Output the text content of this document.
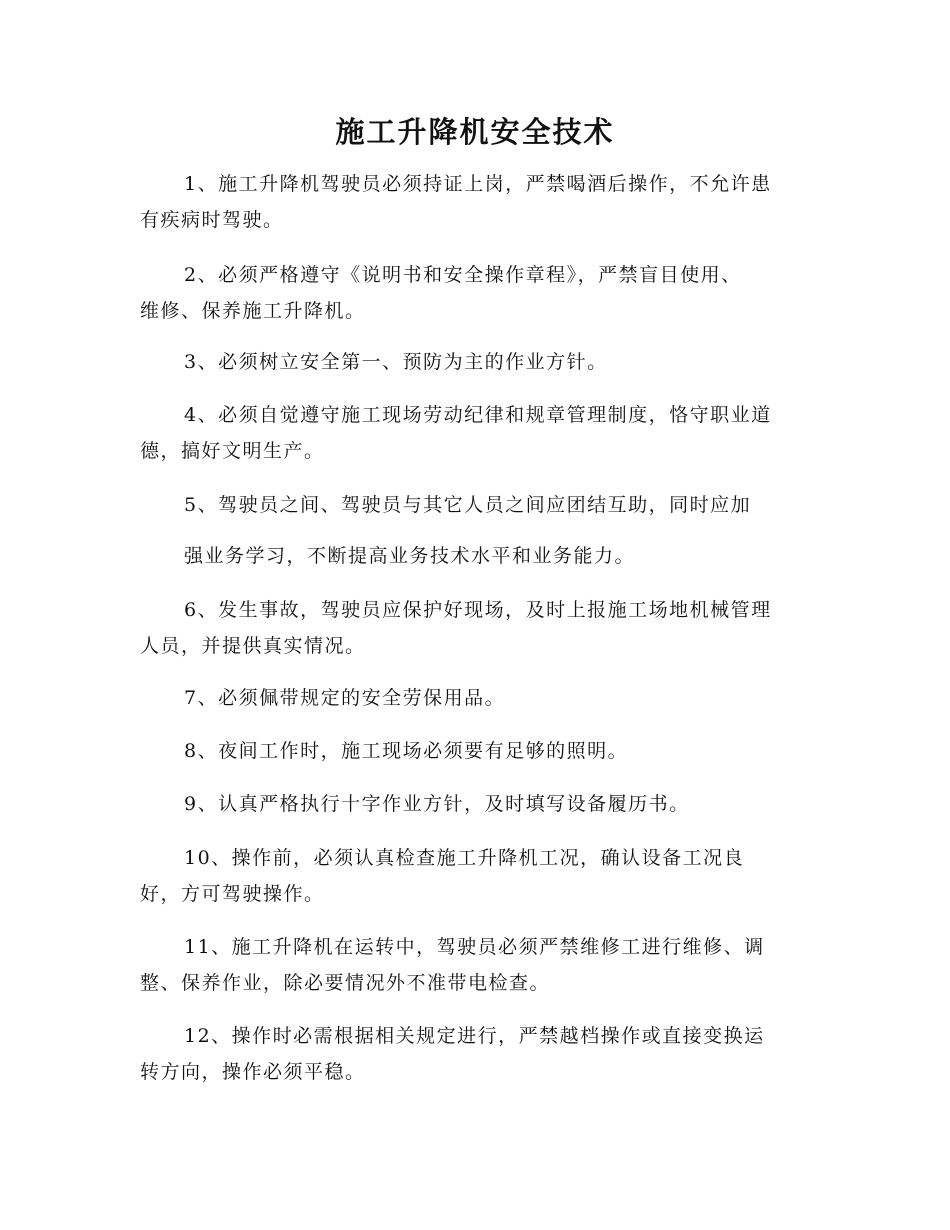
施工升降机安全技术

1、施工升降机驾驶员必须持证上岗，严禁喝酒后操作，不允许患
有疾病时驾驶。

2、必须严格遵守《说明书和安全操作章程》，严禁盲目使用、
维修、保养施工升降机。

3、必须树立安全第一、预防为主的作业方针。

4、必须自觉遵守施工现场劳动纪律和规章管理制度，恪守职业道
德，搞好文明生产。

5、驾驶员之间、驾驶员与其它人员之间应团结互助，同时应加

强业务学习，不断提高业务技术水平和业务能力。

6、发生事故，驾驶员应保护好现场，及时上报施工场地机械管理
人员，并提供真实情况。

7、必须佩带规定的安全劳保用品。

8、夜间工作时，施工现场必须要有足够的照明。

9、认真严格执行十字作业方针，及时填写设备履历书。

10、操作前，必须认真检查施工升降机工况，确认设备工况良
好，方可驾驶操作。

11、施工升降机在运转中，驾驶员必须严禁维修工进行维修、调
整、保养作业，除必要情况外不准带电检查。

12、操作时必需根据相关规定进行，严禁越档操作或直接变换运
转方向，操作必须平稳。
